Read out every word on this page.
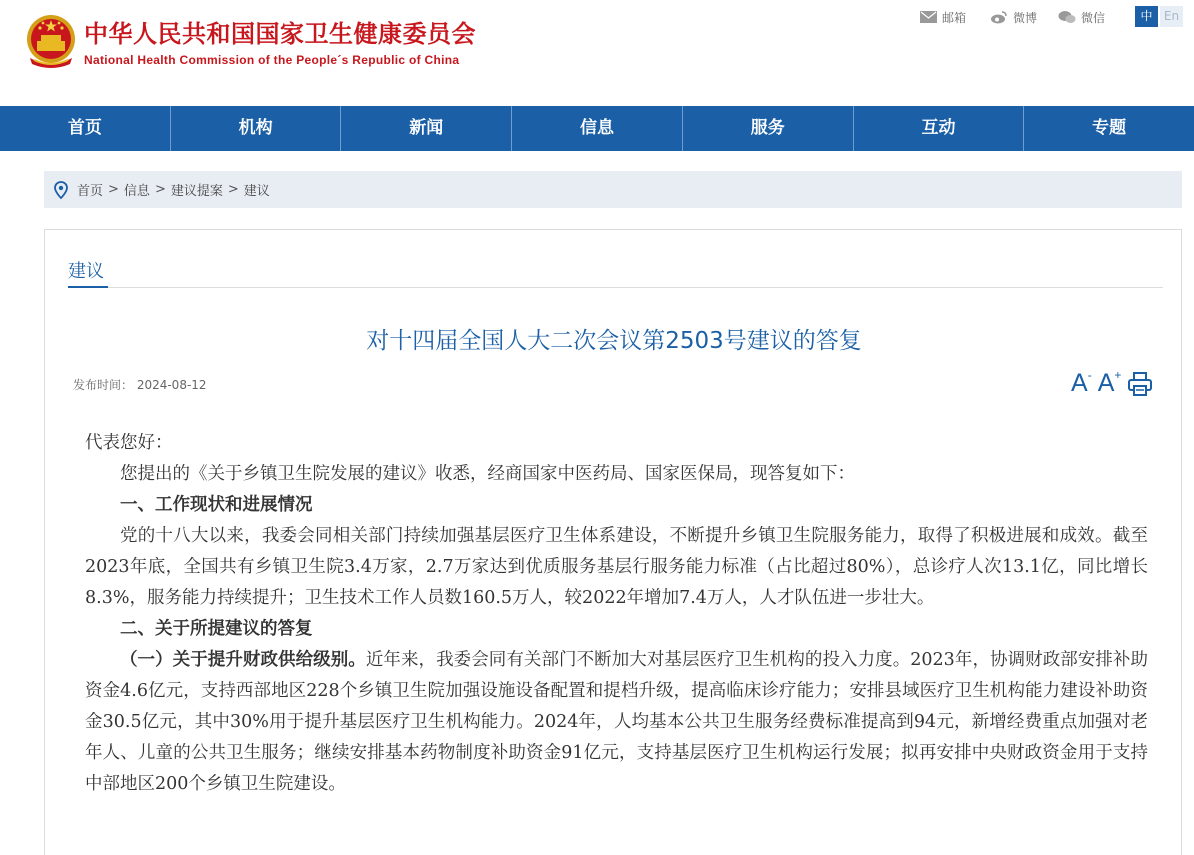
中华人民共和国国家卫生健康委员会
National Health Commission of the People´s Republic of China
邮箱	微博	微信	中 En
首页	机构	新闻	信息	服务	互动	专题
首页 > 信息 > 建议提案 > 建议
建议
对十四届全国人大二次会议第2503号建议的答复
发布时间： 2024-08-12	A- A+

代表您好：

您提出的《关于乡镇卫生院发展的建议》收悉，经商国家中医药局、国家医保局，现答复如下：

一、工作现状和进展情况

党的十八大以来，我委会同相关部门持续加强基层医疗卫生体系建设，不断提升乡镇卫生院服务能力，取得了积极进展和成效。截至2023年底，全国共有乡镇卫生院3.4万家，2.7万家达到优质服务基层行服务能力标准（占比超过80%），总诊疗人次13.1亿，同比增长8.3%，服务能力持续提升；卫生技术工作人员数160.5万人，较2022年增加7.4万人，人才队伍进一步壮大。

二、关于所提建议的答复

（一）关于提升财政供给级别。近年来，我委会同有关部门不断加大对基层医疗卫生机构的投入力度。2023年，协调财政部安排补助资金4.6亿元，支持西部地区228个乡镇卫生院加强设施设备配置和提档升级，提高临床诊疗能力；安排县域医疗卫生机构能力建设补助资金30.5亿元，其中30%用于提升基层医疗卫生机构能力。2024年，人均基本公共卫生服务经费标准提高到94元，新增经费重点加强对老年人、儿童的公共卫生服务；继续安排基本药物制度补助资金91亿元，支持基层医疗卫生机构运行发展；拟再安排中央财政资金用于支持中部地区200个乡镇卫生院建设。
